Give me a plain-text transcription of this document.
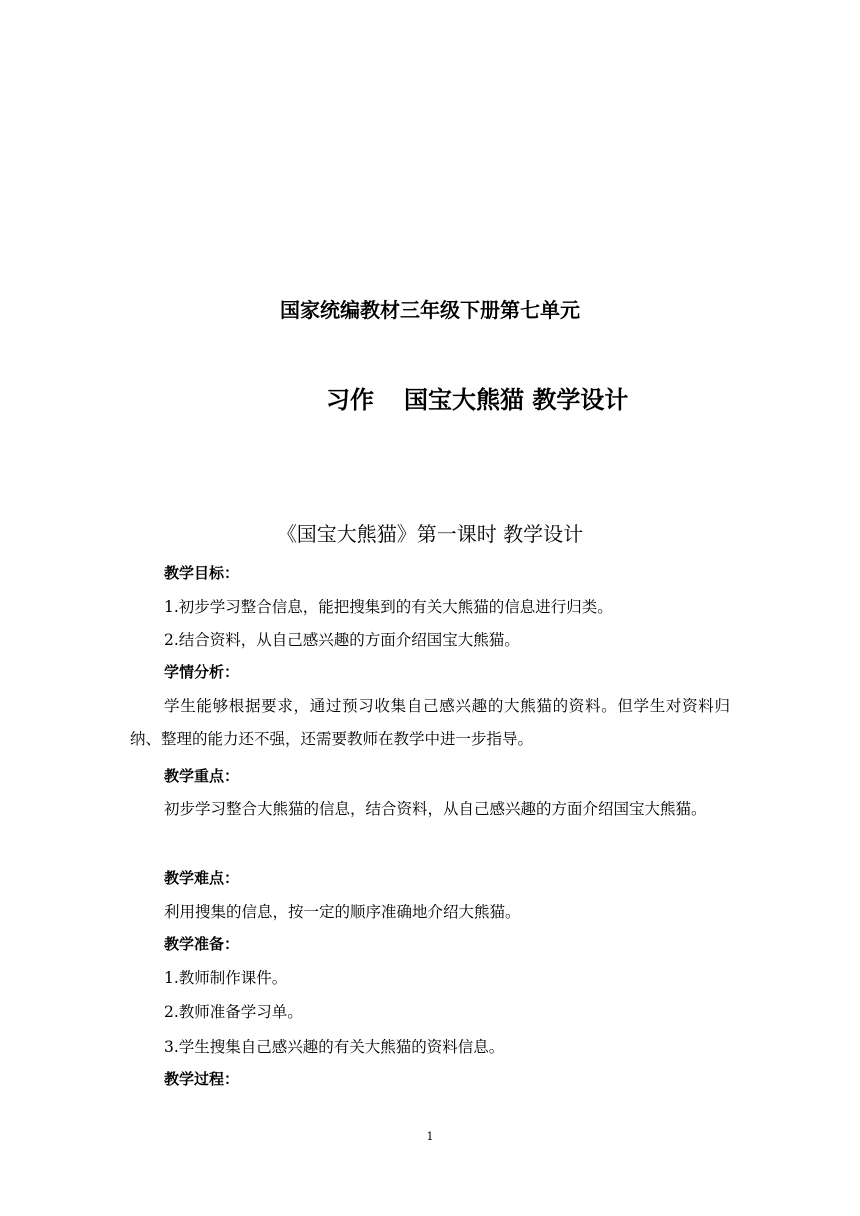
国家统编教材三年级下册第七单元
习作 国宝大熊猫 教学设计
《国宝大熊猫》第一课时 教学设计
教学目标：
1.初步学习整合信息，能把搜集到的有关大熊猫的信息进行归类。
2.结合资料，从自己感兴趣的方面介绍国宝大熊猫。
学情分析：
学生能够根据要求，通过预习收集自己感兴趣的大熊猫的资料。但学生对资料归纳、整理的能力还不强，还需要教师在教学中进一步指导。
教学重点：
初步学习整合大熊猫的信息，结合资料，从自己感兴趣的方面介绍国宝大熊猫。
教学难点：
利用搜集的信息，按一定的顺序准确地介绍大熊猫。
教学准备：
1.教师制作课件。
2.教师准备学习单。
3.学生搜集自己感兴趣的有关大熊猫的资料信息。
教学过程：
1
